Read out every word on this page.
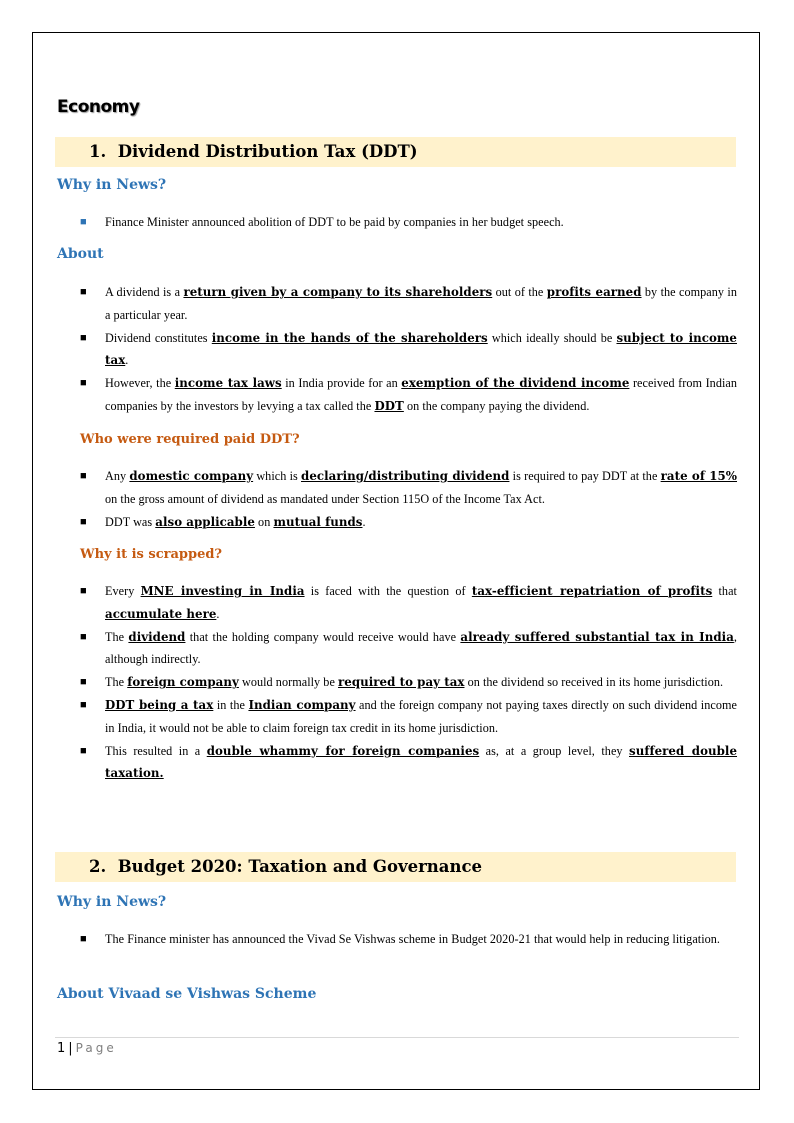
Economy
1. Dividend Distribution Tax (DDT)
Why in News?
■ Finance Minister announced abolition of DDT to be paid by companies in her budget speech.
About
■ A dividend is a return given by a company to its shareholders out of the profits earned by the company in a particular year.
■ Dividend constitutes income in the hands of the shareholders which ideally should be subject to income tax.
■ However, the income tax laws in India provide for an exemption of the dividend income received from Indian companies by the investors by levying a tax called the DDT on the company paying the dividend.
Who were required paid DDT?
■ Any domestic company which is declaring/distributing dividend is required to pay DDT at the rate of 15% on the gross amount of dividend as mandated under Section 115O of the Income Tax Act.
■ DDT was also applicable on mutual funds.
Why it is scrapped?
■ Every MNE investing in India is faced with the question of tax-efficient repatriation of profits that accumulate here.
■ The dividend that the holding company would receive would have already suffered substantial tax in India, although indirectly.
■ The foreign company would normally be required to pay tax on the dividend so received in its home jurisdiction.
■ DDT being a tax in the Indian company and the foreign company not paying taxes directly on such dividend income in India, it would not be able to claim foreign tax credit in its home jurisdiction.
■ This resulted in a double whammy for foreign companies as, at a group level, they suffered double taxation.
2. Budget 2020: Taxation and Governance
Why in News?
■ The Finance minister has announced the Vivad Se Vishwas scheme in Budget 2020-21 that would help in reducing litigation.
About Vivaad se Vishwas Scheme
1 | Page
